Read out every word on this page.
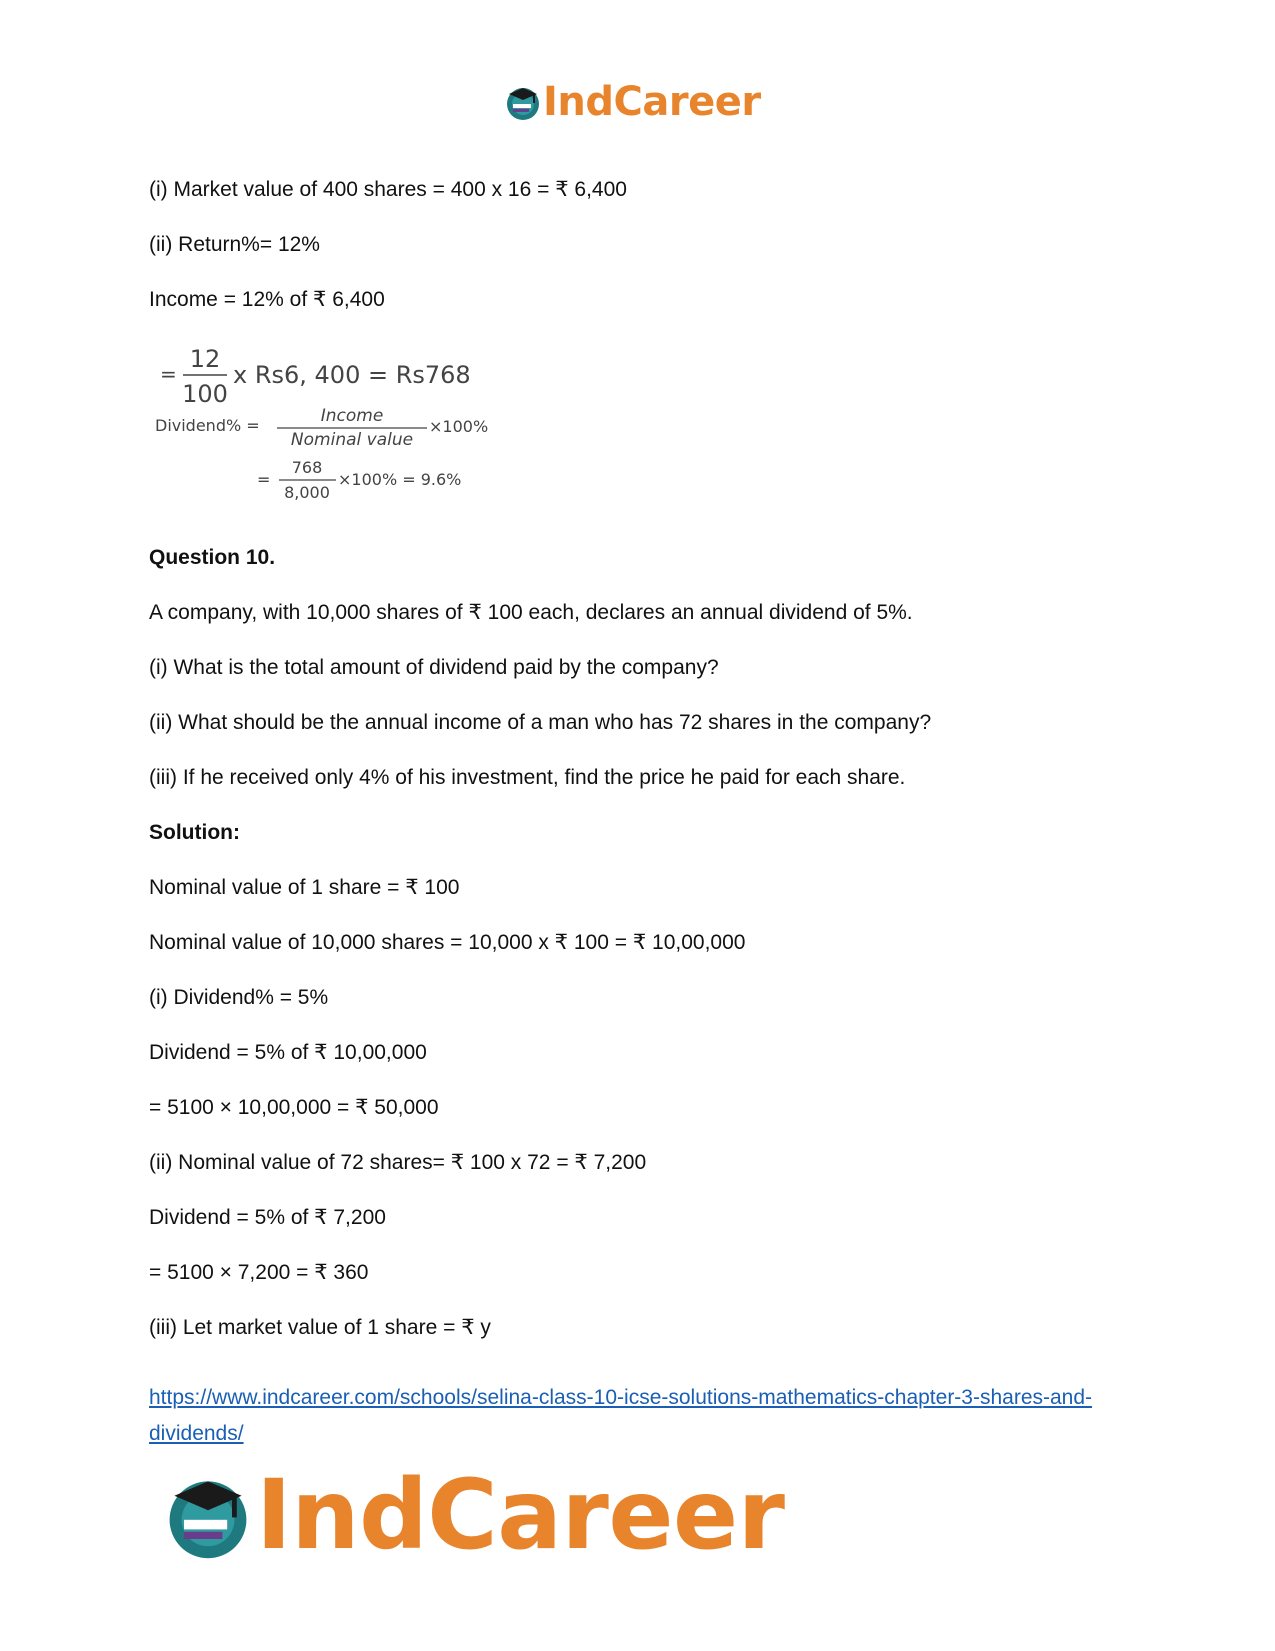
IndCareer
(i) Market value of 400 shares = 400 x 16 = ₹ 6,400
(ii) Return%= 12%
Income = 12% of ₹ 6,400
=
12
100
x Rs6, 400 = Rs768
Dividend% =	Income
Nominal value
×100%
=
768
8,000
×100% = 9.6%
Question 10.
A company, with 10,000 shares of ₹ 100 each, declares an annual dividend of 5%.
(i) What is the total amount of dividend paid by the company?
(ii) What should be the annual income of a man who has 72 shares in the company?
(iii) If he received only 4% of his investment, find the price he paid for each share.
Solution:
Nominal value of 1 share = ₹ 100
Nominal value of 10,000 shares = 10,000 x ₹ 100 = ₹ 10,00,000
(i) Dividend% = 5%
Dividend = 5% of ₹ 10,00,000
= 5100 × 10,00,000 = ₹ 50,000
(ii) Nominal value of 72 shares= ₹ 100 x 72 = ₹ 7,200
Dividend = 5% of ₹ 7,200
= 5100 × 7,200 = ₹ 360
(iii) Let market value of 1 share = ₹ y
https://www.indcareer.com/schools/selina-class-10-icse-solutions-mathematics-chapter-3-shares-and-dividends/
IndCareer
